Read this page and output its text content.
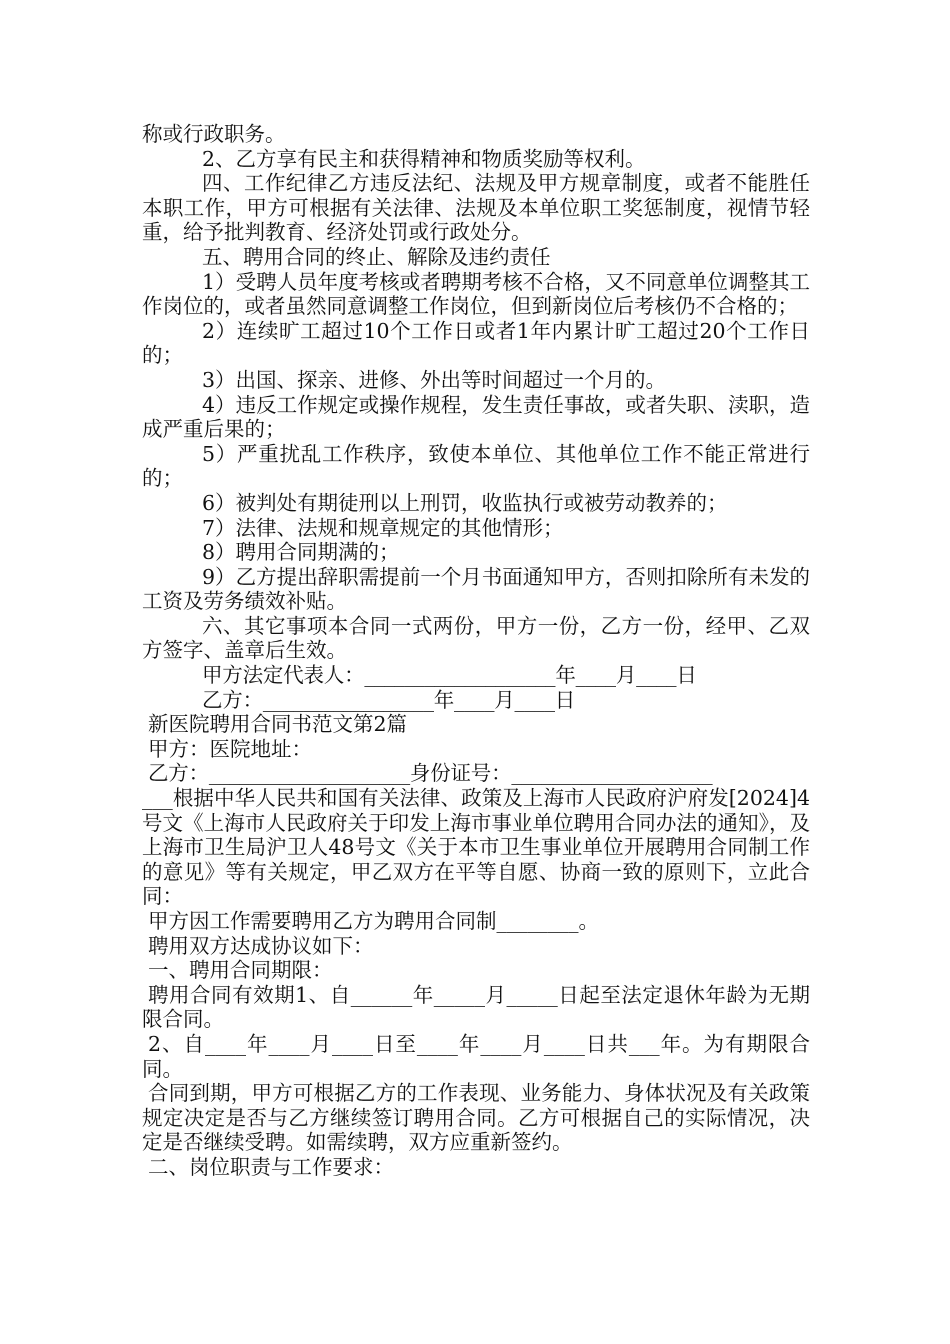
称或行政职务。

2、乙方享有民主和获得精神和物质奖励等权利。

四、工作纪律乙方违反法纪、法规及甲方规章制度，或者不能胜任本职工作，甲方可根据有关法律、法规及本单位职工奖惩制度，视情节轻重，给予批判教育、经济处罚或行政处分。

五、聘用合同的终止、解除及违约责任

1）受聘人员年度考核或者聘期考核不合格，又不同意单位调整其工作岗位的，或者虽然同意调整工作岗位，但到新岗位后考核仍不合格的；

2）连续旷工超过10个工作日或者1年内累计旷工超过20个工作日的；

3）出国、探亲、进修、外出等时间超过一个月的。

4）违反工作规定或操作规程，发生责任事故，或者失职、渎职，造成严重后果的；

5）严重扰乱工作秩序，致使本单位、其他单位工作不能正常进行的；

6）被判处有期徒刑以上刑罚，收监执行或被劳动教养的；

7）法律、法规和规章规定的其他情形；

8）聘用合同期满的；

9）乙方提出辞职需提前一个月书面通知甲方，否则扣除所有未发的工资及劳务绩效补贴。

六、其它事项本合同一式两份，甲方一份，乙方一份，经甲、乙双方签字、盖章后生效。

甲方法定代表人：___________________年____月____日

乙方：_________________年____月____日

新医院聘用合同书范文第2篇

甲方：医院地址：

乙方：____________________身份证号：____________________

___根据中华人民共和国有关法律、政策及上海市人民政府沪府发[2024]4号文《上海市人民政府关于印发上海市事业单位聘用合同办法的通知》，及上海市卫生局沪卫人48号文《关于本市卫生事业单位开展聘用合同制工作的意见》等有关规定，甲乙双方在平等自愿、协商一致的原则下，立此合同：

甲方因工作需要聘用乙方为聘用合同制________。

聘用双方达成协议如下：

一、聘用合同期限：

聘用合同有效期1、自______年_____月_____日起至法定退休年龄为无期限合同。

2、自____年____月____日至____年____月____日共___年。为有期限合同。

合同到期，甲方可根据乙方的工作表现、业务能力、身体状况及有关政策规定决定是否与乙方继续签订聘用合同。乙方可根据自己的实际情况，决定是否继续受聘。如需续聘，双方应重新签约。

二、岗位职责与工作要求：
